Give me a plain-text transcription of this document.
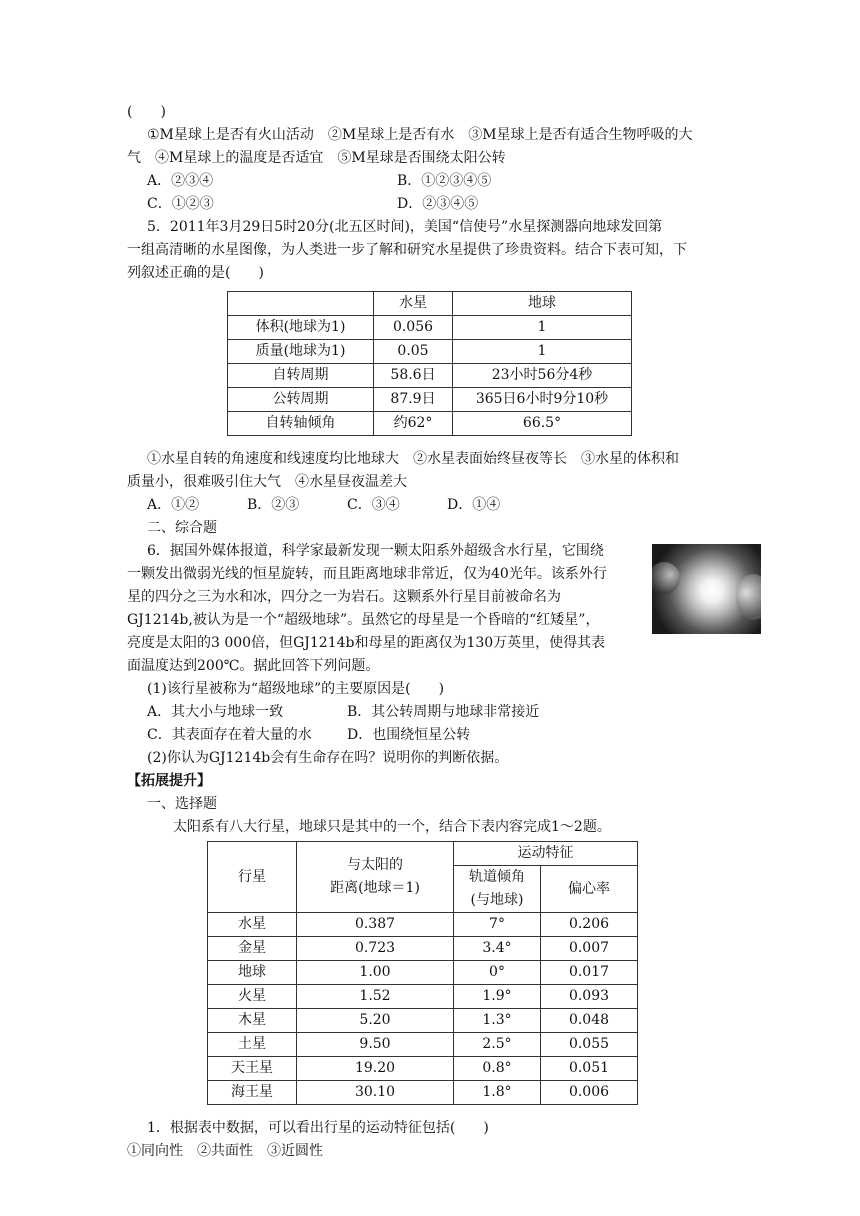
(　　)

①M星球上是否有火山活动　②M星球上是否有水　③M星球上是否有适合生物呼吸的大

气　④M星球上的温度是否适宜　⑤M星球是否围绕太阳公转

A．②③④	B．①②③④⑤
C．①②③	D．②③④⑤

5．2011年3月29日5时20分(北五区时间)，美国“信使号”水星探测器向地球发回第

一组高清晰的水星图像，为人类进一步了解和研究水星提供了珍贵资料。结合下表可知，下

列叙述正确的是(　　)

	水星	地球
体积(地球为1)	0.056	1
质量(地球为1)	0.05	1
自转周期	58.6日	23小时56分4秒
公转周期	87.9日	365日6小时9分10秒
自转轴倾角	约62°	66.5°

①水星自转的角速度和线速度均比地球大　②水星表面始终昼夜等长　③水星的体积和

质量小，很难吸引住大气　④水星昼夜温差大

A．①②	B．②③	C．③④	D．①④

二、综合题

6．据国外媒体报道，科学家最新发现一颗太阳系外超级含水行星，它围绕

一颗发出微弱光线的恒星旋转，而且距离地球非常近，仅为40光年。该系外行

星的四分之三为水和冰，四分之一为岩石。这颗系外行星目前被命名为

GJ1214b,被认为是一个“超级地球”。虽然它的母星是一个昏暗的“红矮星”，

亮度是太阳的3 000倍，但GJ1214b和母星的距离仅为130万英里，使得其表

面温度达到200℃。据此回答下列问题。

(1)该行星被称为“超级地球”的主要原因是(　　)

A．其大小与地球一致	B．其公转周期与地球非常接近
C．其表面存在着大量的水	D．也围绕恒星公转

(2)你认为GJ1214b会有生命存在吗？说明你的判断依据。

【拓展提升】

一、选择题

太阳系有八大行星，地球只是其中的一个，结合下表内容完成1～2题。

行星	与太阳的
距离(地球＝1)	运动特征	

		轨道倾角
(与地球)	偏心率
水星	0.387	7°	0.206
金星	0.723	3.4°	0.007
地球	1.00	0°	0.017
火星	1.52	1.9°	0.093
木星	5.20	1.3°	0.048
土星	9.50	2.5°	0.055
天王星	19.20	0.8°	0.051
海王星	30.10	1.8°	0.006

1．根据表中数据，可以看出行星的运动特征包括(　　)

①同向性　②共面性　③近圆性
